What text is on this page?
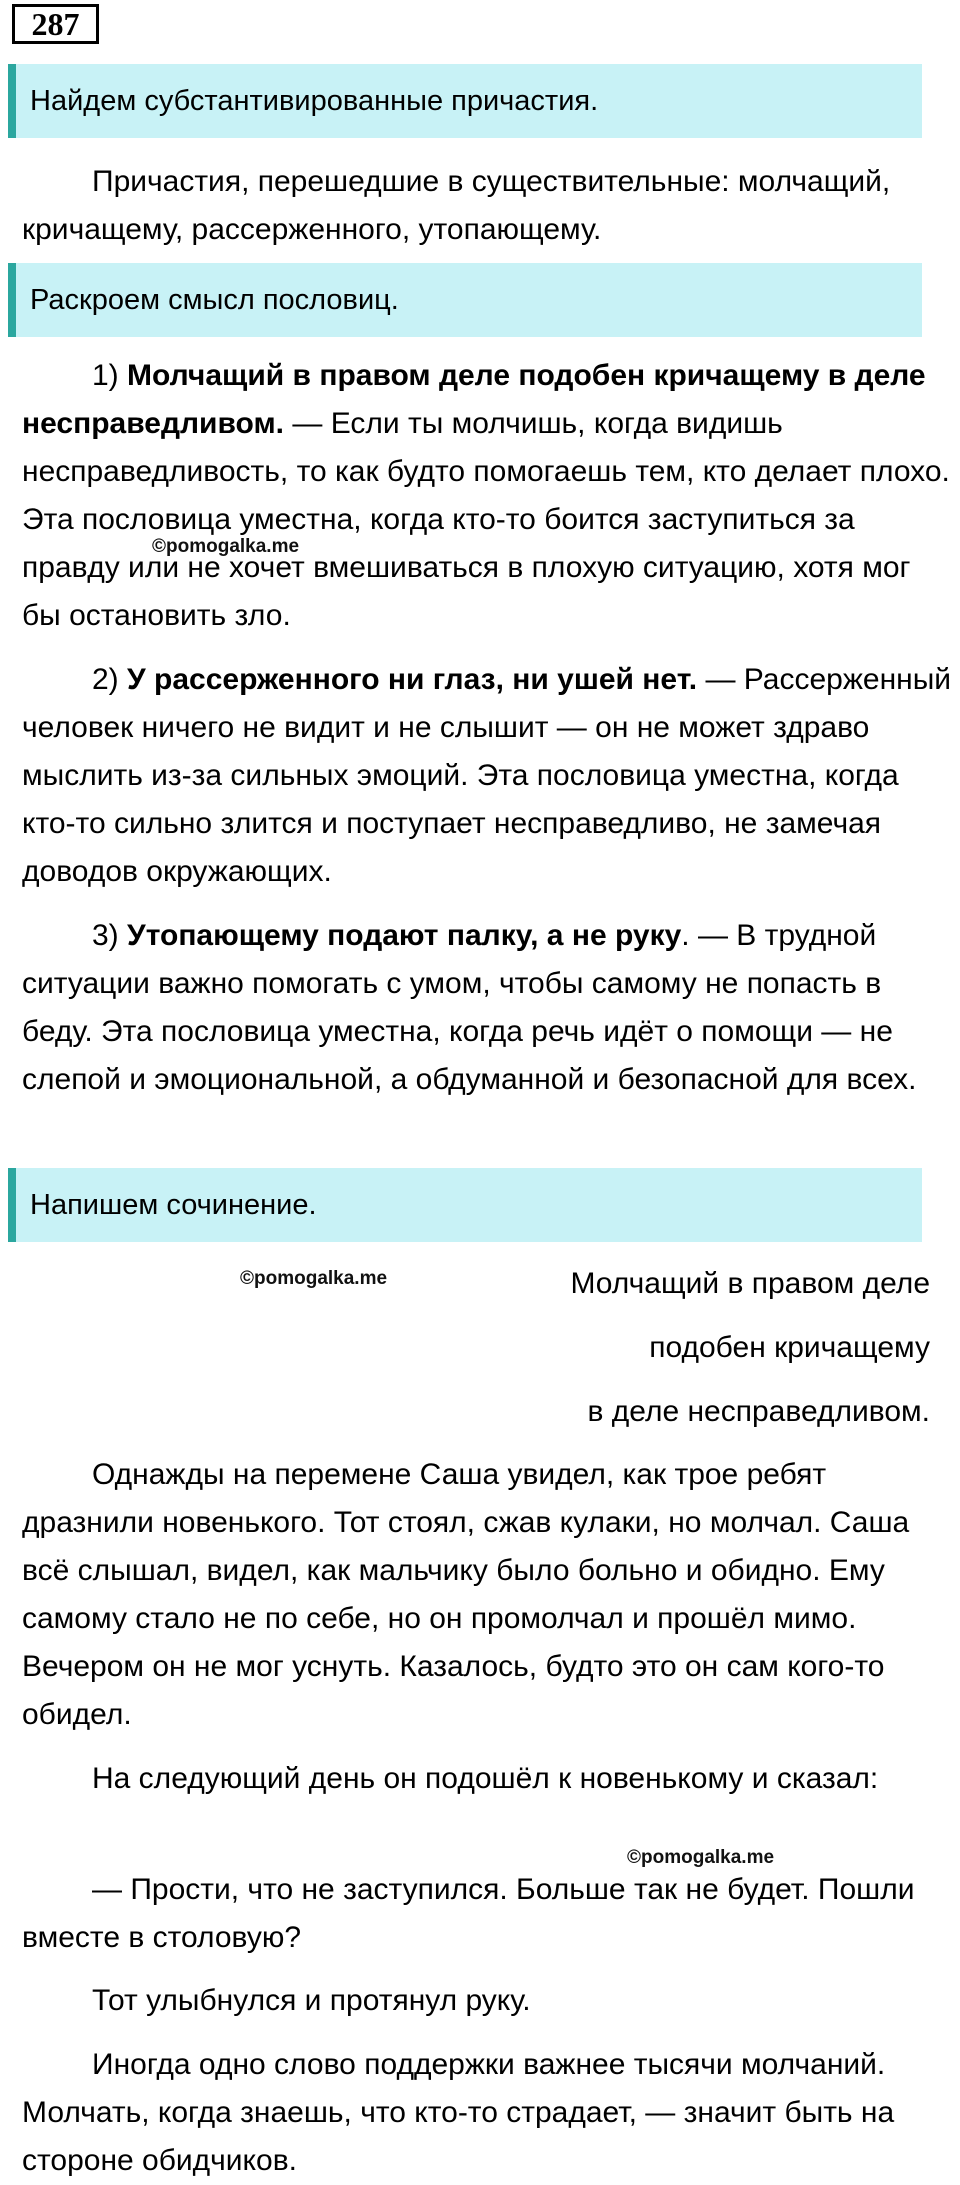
287
Найдем субстантивированные причастия.

Причастия, перешедшие в существительные: молчащий, кричащему, рассерженного, утопающему.

Раскроем смысл пословиц.

1) Молчащий в правом деле подобен кричащему в деле несправедливом. — Если ты молчишь, когда видишь несправедливость, то как будто помогаешь тем, кто делает плохо. Эта пословица уместна, когда кто-то боится заступиться за правду или не хочет вмешиваться в плохую ситуацию, хотя мог бы остановить зло.

2) У рассерженного ни глаз, ни ушей нет. — Рассерженный человек ничего не видит и не слышит — он не может здраво мыслить из-за сильных эмоций. Эта пословица уместна, когда кто-то сильно злится и поступает несправедливо, не замечая доводов окружающих.

3) Утопающему подают палку, а не руку. — В трудной ситуации важно помогать с умом, чтобы самому не попасть в беду. Эта пословица уместна, когда речь идёт о помощи — не слепой и эмоциональной, а обдуманной и безопасной для всех.

Напишем сочинение.
Молчащий в правом деле
подобен кричащему
в деле несправедливом.

Однажды на перемене Саша увидел, как трое ребят дразнили новенького. Тот стоял, сжав кулаки, но молчал. Саша всё слышал, видел, как мальчику было больно и обидно. Ему самому стало не по себе, но он промолчал и прошёл мимо. Вечером он не мог уснуть. Казалось, будто это он сам кого-то обидел.

На следующий день он подошёл к новенькому и сказал:

— Прости, что не заступился. Больше так не будет. Пошли вместе в столовую?

Тот улыбнулся и протянул руку.

Иногда одно слово поддержки важнее тысячи молчаний. Молчать, когда знаешь, что кто-то страдает, — значит быть на стороне обидчиков.

©pomogalka.me
©pomogalka.me
©pomogalka.me
